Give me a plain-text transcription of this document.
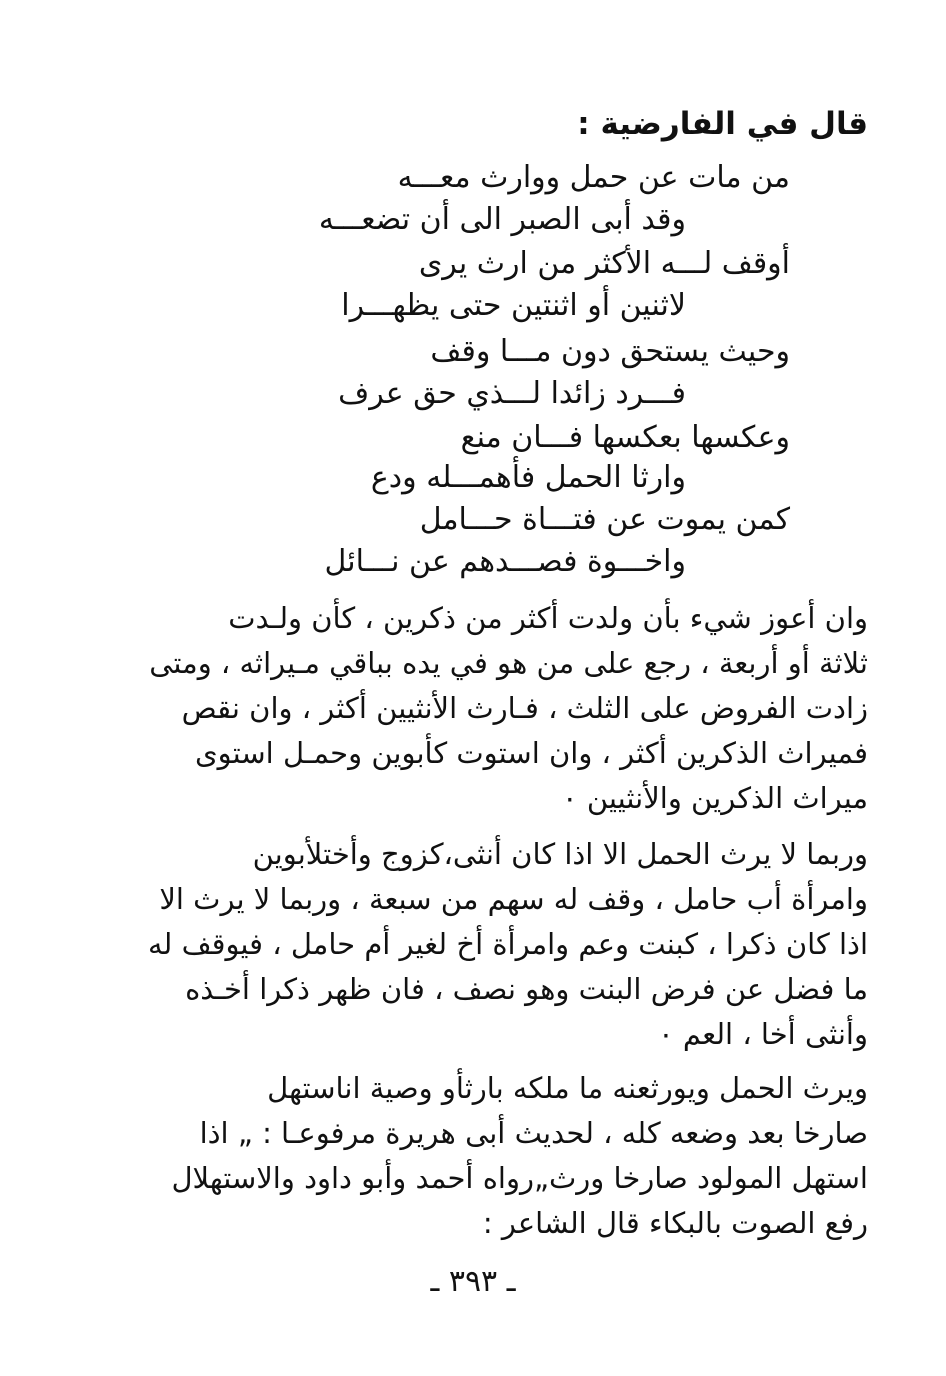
قال في الفارضية :
من مات عن حمل ووارث معـــه
وقد أبى الصبر الى أن تضعـــه
أوقف لـــه الأكثر من ارث يرى
لاثنين أو اثنتين حتى يظهـــرا
وحيث يستحق دون مـــا وقف
فـــرد زائدا لـــذي حق عرف
وعكسها بعكسها فـــان منع
وارثا الحمل فأهمـــله ودع
كمن يموت عن فتـــاة حـــامل
واخـــوة فصـــدهم عن نـــائل
وان أعوز شيء بأن ولدت أكثر من ذكرين ، كأن ولـدت
ثلاثة أو أربعة ، رجع على من هو في يده بباقي مـيراثه ، ومتى
زادت الفروض على الثلث ، فـارث الأنثيين أكثر ، وان نقص
فميراث الذكرين أكثر ، وان استوت كأبوين وحمـل استوى
ميراث الذكرين والأنثيين ٠
وربما لا يرث الحمل الا اذا كان أنثى،كزوج وأختلأبوين
وامرأة أب حامل ، وقف له سهم من سبعة ، وربما لا يرث الا
اذا كان ذكرا ، كبنت وعم وامرأة أخ لغير أم حامل ، فيوقف له
ما فضل عن فرض البنت وهو نصف ، فان ظهر ذكرا أخـذه
وأنثى أخا ، العم ٠
ويرث الحمل ويورثعنه ما ملكه بارثأو وصية اناستهل
صارخا بعد وضعه كله ، لحديث أبى هريرة مرفوعـا : „ اذا
استهل المولود صارخا ورث„رواه أحمد وأبو داود والاستهلال
رفع الصوت بالبكاء قال الشاعر :
ـ ٣٩٣ ـ
